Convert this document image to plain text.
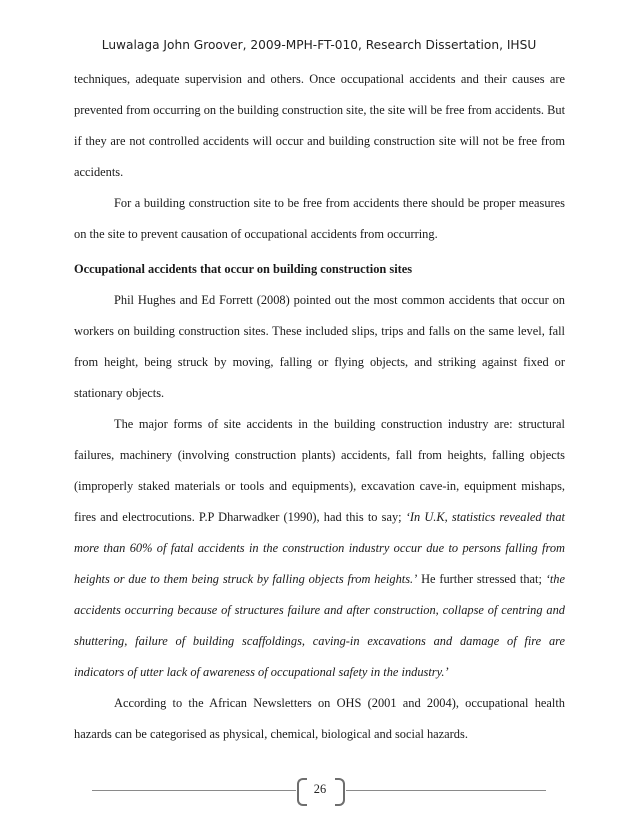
Luwalaga John Groover, 2009-MPH-FT-010, Research Dissertation, IHSU

techniques, adequate supervision and others. Once occupational accidents and their causes are prevented from occurring on the building construction site, the site will be free from accidents. But if they are not controlled accidents will occur and building construction site will not be free from accidents.

For a building construction site to be free from accidents there should be proper measures on the site to prevent causation of occupational accidents from occurring.

Occupational accidents that occur on building construction sites

Phil Hughes and Ed Forrett (2008) pointed out the most common accidents that occur on workers on building construction sites. These included slips, trips and falls on the same level, fall from height, being struck by moving, falling or flying objects, and striking against fixed or stationary objects.

The major forms of site accidents in the building construction industry are: structural failures, machinery (involving construction plants) accidents, fall from heights, falling objects (improperly staked materials or tools and equipments), excavation cave-in, equipment mishaps, fires and electrocutions. P.P Dharwadker (1990), had this to say; ‘In U.K, statistics revealed that more than 60% of fatal accidents in the construction industry occur due to persons falling from heights or due to them being struck by falling objects from heights.’ He further stressed that; ‘the accidents occurring because of structures failure and after construction, collapse of centring and shuttering, failure of building scaffoldings, caving-in excavations and damage of fire are indicators of utter lack of awareness of occupational safety in the industry.’

According to the African Newsletters on OHS (2001 and 2004), occupational health hazards can be categorised as physical, chemical, biological and social hazards.

26
